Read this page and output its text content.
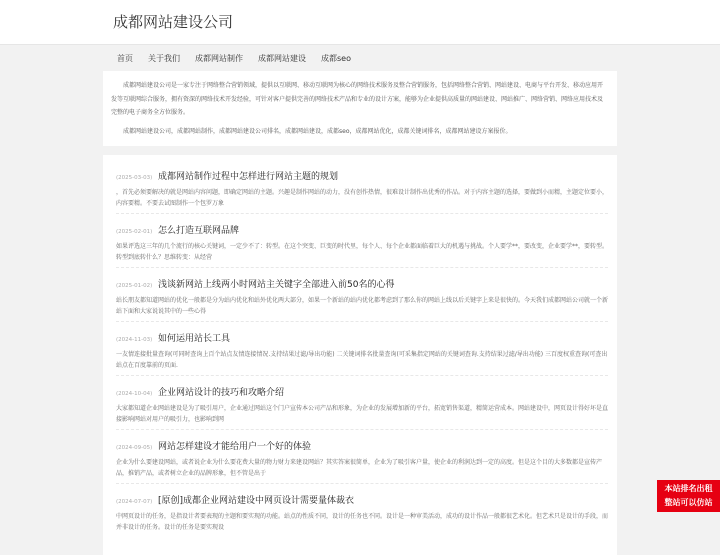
成都网站建设公司
首页 关于我们 成都网站制作 成都网站建设 成都seo

成都网站建设公司是一家专注于网络整合营销领域，提供以互联网、移动互联网为核心的网络技术服务及整合营销服务，包括网络整合营销、网站建设、电商与平台开发、移动应用开发等互联网综合服务，拥有资深的网络技术开发经验，可针对客户提供完善的网络技术产品和专业的设计方案，能够为企业提供高质量的网站建设、网站推广、网络营销、网络应用技术及完整的电子商务全方位服务。

成都网站建设公司，成都网站制作，成都网站建设公司排名，成都网站建设，成都seo，成都网站优化，成都关键词排名，成都网站建设方案报价。

(2025-03-03) 成都网站制作过程中怎样进行网站主题的规划

，首先必须要解决的就是网站内容问题，即确定网站的主题。兴趣是制作网站的动力，没有创作热情，很难设计制作出优秀的作品。对于内容主题的选择，要做到小而精，主题定位要小，内容要精。不要去试图制作一个包罗万象

(2025-02-01) 怎么打造互联网品牌

如果评选这三年的几个流行的核心关键词，一定少不了：转型。在这个突变、巨变的时代里，每个人、每个企业都面临着巨大的机遇与挑战。个人要学**，要改变，企业要学**，要转型。转型到底转什么？思维转变：从经营

(2025-01-02) 浅谈新网站上线两小时网站主关键字全部进入前50名的心得

站长朋友都知道网站的优化一般都是分为站内优化和站外优化两大部分，如果一个新站的站内优化都考虑到了那么你的网站上线以后关键字上来是很快的。今天我们成都网站公司就一个新站下面和大家说说其中的一些心得

(2024-11-03) 如何运用站长工具

一友情连接批量查询(可同时查询上百个站点友情连接情况.支持结果过滤/导出功能) 二关键词排名批量查询(可采集指定网站的关键词查询.支持结果过滤/导出功能) 三百度权重查询(可查出站点在百度靠前的页面.

(2024-10-04) 企业网站设计的技巧和攻略介绍

大家都知道企业网站建设是为了吸引用户，企业通过网站这个门户宣传本公司产品和形象，为企业的发展增加新的平台，拓宽销售渠道，精简运营成本。网站建设中，网页设计得好坏是直接影响网站对用户的吸引力，也影响到网

(2024-09-05) 网站怎样建设才能给用户一个好的体验

企业为什么要建设网站，或者说企业为什么要花费大量的物力财力来建设网站？其实答案很简单，企业为了吸引客户量，使企业的利润达到一定的高度。但是这个目的大多数都是宣传产品，推销产品，或者树立企业的品牌形象，但不管是出于

(2024-07-07) [原创]成都企业网站建设中网页设计需要量体裁衣

中网页设计的任务，是指设计者要表现的主题和要实现的功能。站点的性质不同，设计的任务也不同。设计是一种审美活动，成功的设计作品一般都很艺术化。但艺术只是设计的手段，而并非设计的任务。设计的任务是要实现设

本站排名出租
整站可以仿站
